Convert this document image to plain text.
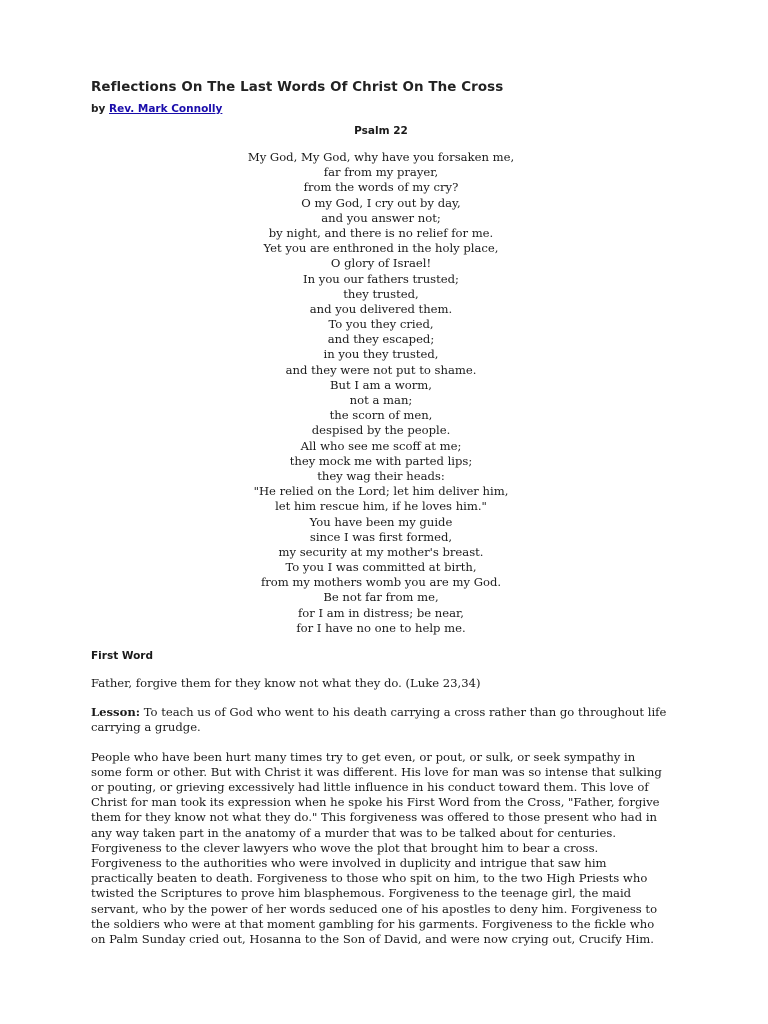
Reflections On The Last Words Of Christ On The Cross
by Rev. Mark Connolly
Psalm 22
My God, My God, why have you forsaken me,
far from my prayer,
from the words of my cry?
O my God, I cry out by day,
and you answer not;
by night, and there is no relief for me.
Yet you are enthroned in the holy place,
O glory of Israel!
In you our fathers trusted;
they trusted,
and you delivered them.
To you they cried,
and they escaped;
in you they trusted,
and they were not put to shame.
But I am a worm,
not a man;
the scorn of men,
despised by the people.
All who see me scoff at me;
they mock me with parted lips;
they wag their heads:
"He relied on the Lord; let him deliver him,
let him rescue him, if he loves him."
You have been my guide
since I was first formed,
my security at my mother's breast.
To you I was committed at birth,
from my mothers womb you are my God.
Be not far from me,
for I am in distress; be near,
for I have no one to help me.
First Word

Father, forgive them for they know not what they do. (Luke 23,34)

Lesson: To teach us of God who went to his death carrying a cross rather than go throughout life
carrying a grudge.
People who have been hurt many times try to get even, or pout, or sulk, or seek sympathy in
some form or other. But with Christ it was different. His love for man was so intense that sulking
or pouting, or grieving excessively had little influence in his conduct toward them. This love of
Christ for man took its expression when he spoke his First Word from the Cross, "Father, forgive
them for they know not what they do." This forgiveness was offered to those present who had in
any way taken part in the anatomy of a murder that was to be talked about for centuries.
Forgiveness to the clever lawyers who wove the plot that brought him to bear a cross.
Forgiveness to the authorities who were involved in duplicity and intrigue that saw him
practically beaten to death. Forgiveness to those who spit on him, to the two High Priests who
twisted the Scriptures to prove him blasphemous. Forgiveness to the teenage girl, the maid
servant, who by the power of her words seduced one of his apostles to deny him. Forgiveness to
the soldiers who were at that moment gambling for his garments. Forgiveness to the fickle who
on Palm Sunday cried out, Hosanna to the Son of David, and were now crying out, Crucify Him.
